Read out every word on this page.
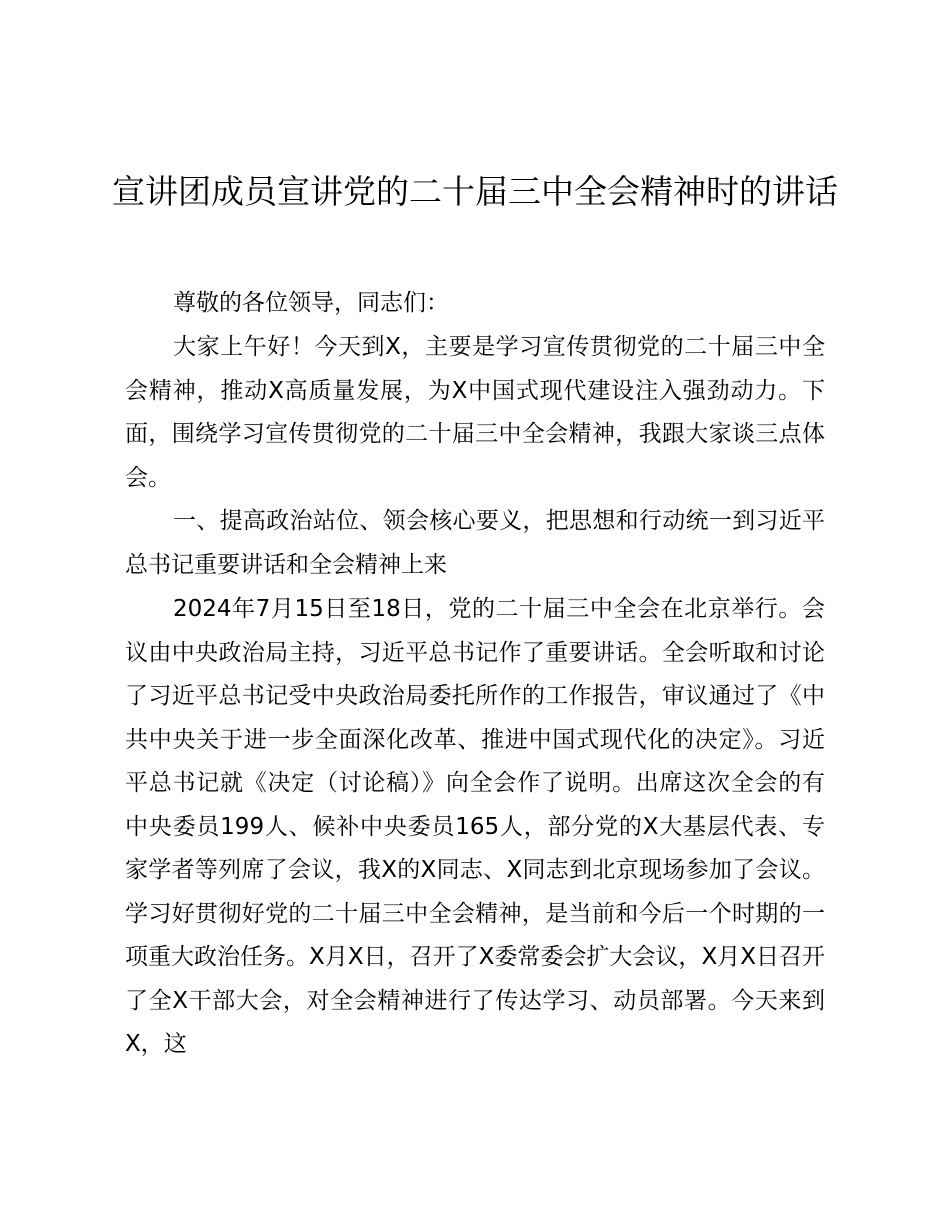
宣讲团成员宣讲党的二十届三中全会精神时的讲话

尊敬的各位领导，同志们：

大家上午好！今天到X，主要是学习宣传贯彻党的二十届三中全会精神，推动X高质量发展，为X中国式现代建设注入强劲动力。下面，围绕学习宣传贯彻党的二十届三中全会精神，我跟大家谈三点体会。

一、提高政治站位、领会核心要义，把思想和行动统一到习近平总书记重要讲话和全会精神上来

2024年7月15日至18日，党的二十届三中全会在北京举行。会议由中央政治局主持，习近平总书记作了重要讲话。全会听取和讨论了习近平总书记受中央政治局委托所作的工作报告，审议通过了《中共中央关于进一步全面深化改革、推进中国式现代化的决定》。习近平总书记就《决定（讨论稿）》向全会作了说明。出席这次全会的有中央委员199人、候补中央委员165人，部分党的X大基层代表、专家学者等列席了会议，我X的X同志、X同志到北京现场参加了会议。学习好贯彻好党的二十届三中全会精神，是当前和今后一个时期的一项重大政治任务。X月X日，召开了X委常委会扩大会议，X月X日召开了全X干部大会，对全会精神进行了传达学习、动员部署。今天来到X，这
